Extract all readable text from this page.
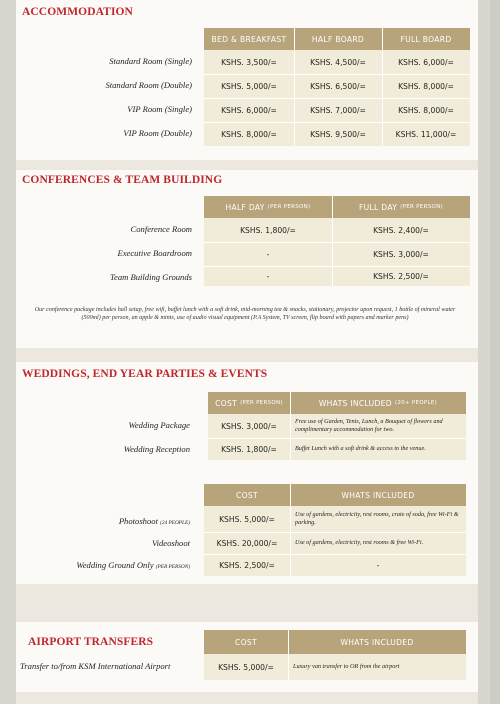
ACCOMMODATION
BED & BREAKFAST	HALF BOARD	FULL BOARD
Standard Room (Single)	KSHS. 3,500/=	KSHS. 4,500/=	KSHS. 6,000/=
Standard Room (Double)	KSHS. 5,000/=	KSHS. 6,500/=	KSHS. 8,000/=
VIP Room (Single)	KSHS. 6,000/=	KSHS. 7,000/=	KSHS. 8,000/=
VIP Room (Double)	KSHS. 8,000/=	KSHS. 9,500/=	KSHS. 11,000/=
CONFERENCES & TEAM BUILDING
HALF DAY (PER PERSON)	FULL DAY (PER PERSON)
Conference Room	KSHS. 1,800/=	KSHS. 2,400/=
Executive Boardroom	-	KSHS. 3,000/=
Team Building Grounds	-	KSHS. 2,500/=
Our conference package includes hall setup, free wifi, buffet lunch with a soft drink, mid-morning tea & snacks, stationary, projector upon request, 1 bottle of mineral water (500ml) per person, an apple & mints, use of audio visual equipment (P.A System, TV screen, flip board with papers and marker pens)
WEDDINGS, END YEAR PARTIES & EVENTS
COST (PER PERSON)	WHATS INCLUDED (20+ PEOPLE)
Wedding Package	KSHS. 3,000/=	Free use of Garden, Tents, Lunch, a Bouquet of flowers and complimentary accommodation for two.
Wedding Reception	KSHS. 1,800/=	Buffet Lunch with a soft drink & access to the venue.
COST	WHATS INCLUDED
Photoshoot (24 PEOPLE)	KSHS. 5,000/=	Use of gardens, electricity, rest rooms, crate of soda, free Wi-Fi & parking.
Videoshoot	KSHS. 20,000/=	Use of gardens, electricity, rest rooms & free Wi-Fi.
Wedding Ground Only (PER PERSON)	KSHS. 2,500/=	-
AIRPORT TRANSFERS	COST	WHATS INCLUDED
Transfer to/from KSM International Airport	KSHS. 5,000/=	Luxury van transfer to OR from the airport
